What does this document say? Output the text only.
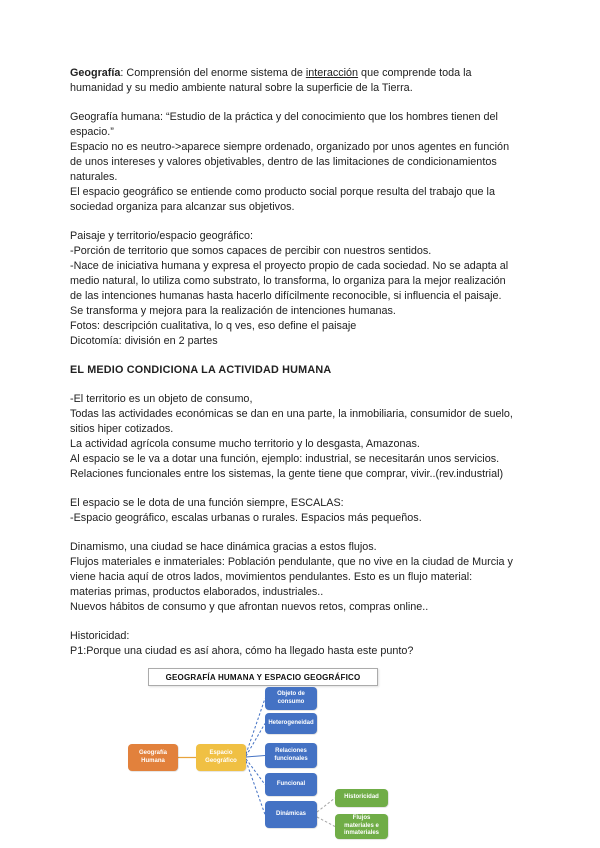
Geografía: Comprensión del enorme sistema de interacción que comprende toda la
humanidad y su medio ambiente natural sobre la superficie de la Tierra.
Geografía humana: “Estudio de la práctica y del conocimiento que los hombres tienen del
espacio.”
Espacio no es neutro->aparece siempre ordenado, organizado por unos agentes en función
de unos intereses y valores objetivables, dentro de las limitaciones de condicionamientos
naturales.
El espacio geográfico se entiende como producto social porque resulta del trabajo que la
sociedad organiza para alcanzar sus objetivos.
Paisaje y territorio/espacio geográfico:
-Porción de territorio que somos capaces de percibir con nuestros sentidos.
-Nace de iniciativa humana y expresa el proyecto propio de cada sociedad. No se adapta al
medio natural, lo utiliza como substrato, lo transforma, lo organiza para la mejor realización
de las intenciones humanas hasta hacerlo difícilmente reconocible, si influencia el paisaje.
Se transforma y mejora para la realización de intenciones humanas.
Fotos: descripción cualitativa, lo q ves, eso define el paisaje
Dicotomía: división en 2 partes
EL MEDIO CONDICIONA LA ACTIVIDAD HUMANA
-El territorio es un objeto de consumo,
Todas las actividades económicas se dan en una parte, la inmobiliaria, consumidor de suelo,
sitios hiper cotizados.
La actividad agrícola consume mucho territorio y lo desgasta, Amazonas.
Al espacio se le va a dotar una función, ejemplo: industrial, se necesitarán unos servicios.
Relaciones funcionales entre los sistemas, la gente tiene que comprar, vivir..(rev.industrial)
El espacio se le dota de una función siempre, ESCALAS:
-Espacio geográfico, escalas urbanas o rurales. Espacios más pequeños.
Dinamismo, una ciudad se hace dinámica gracias a estos flujos.
Flujos materiales e inmateriales: Población pendulante, que no vive en la ciudad de Murcia y
viene hacia aquí de otros lados, movimientos pendulantes. Esto es un flujo material:
materias primas, productos elaborados, industriales..
Nuevos hábitos de consumo y que afrontan nuevos retos, compras online..
Historicidad:
P1:Porque una ciudad es así ahora, cómo ha llegado hasta este punto?
GEOGRAFÍA HUMANA Y ESPACIO GEOGRÁFICO
Geografía Humana
Espacio Geográfico
Objeto de consumo
Heterogeneidad
Relaciones funcionales
Funcional
Dinámicas
Historicidad
Flujos materiales e inmateriales
